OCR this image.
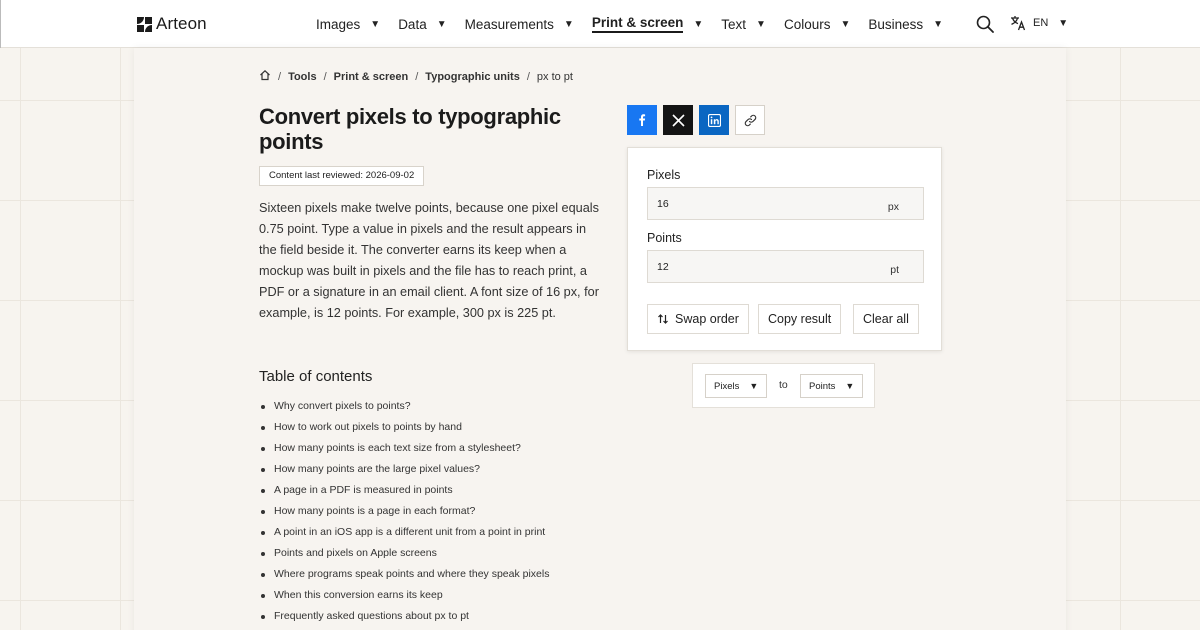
Arteon	Images ▼ Data ▼ Measurements ▼ Print & screen ▼ Text ▼ Colours ▼ Business ▼	EN ▼
/ Tools / Print & screen / Typographic units / px to pt
Convert pixels to typographic points
Content last reviewed: 2026-09-02

Sixteen pixels make twelve points, because one pixel equals 0.75 point. Type a value in pixels and the result appears in the field beside it. The converter earns its keep when a mockup was built in pixels and the file has to reach print, a PDF or a signature in an email client. A font size of 16 px, for example, is 12 points. For example, 300 px is 225 pt.

Table of contents
Why convert pixels to points?
How to work out pixels to points by hand
How many points is each text size from a stylesheet?
How many points are the large pixel values?
A page in a PDF is measured in points
How many points is a page in each format?
A point in an iOS app is a different unit from a point in print
Points and pixels on Apple screens
Where programs speak points and where they speak pixels
When this conversion earns its keep
Frequently asked questions about px to pt
Pixels
16	px
Points
12	pt
Swap order Copy result	Clear all
Pixels ▼ to Points ▼
